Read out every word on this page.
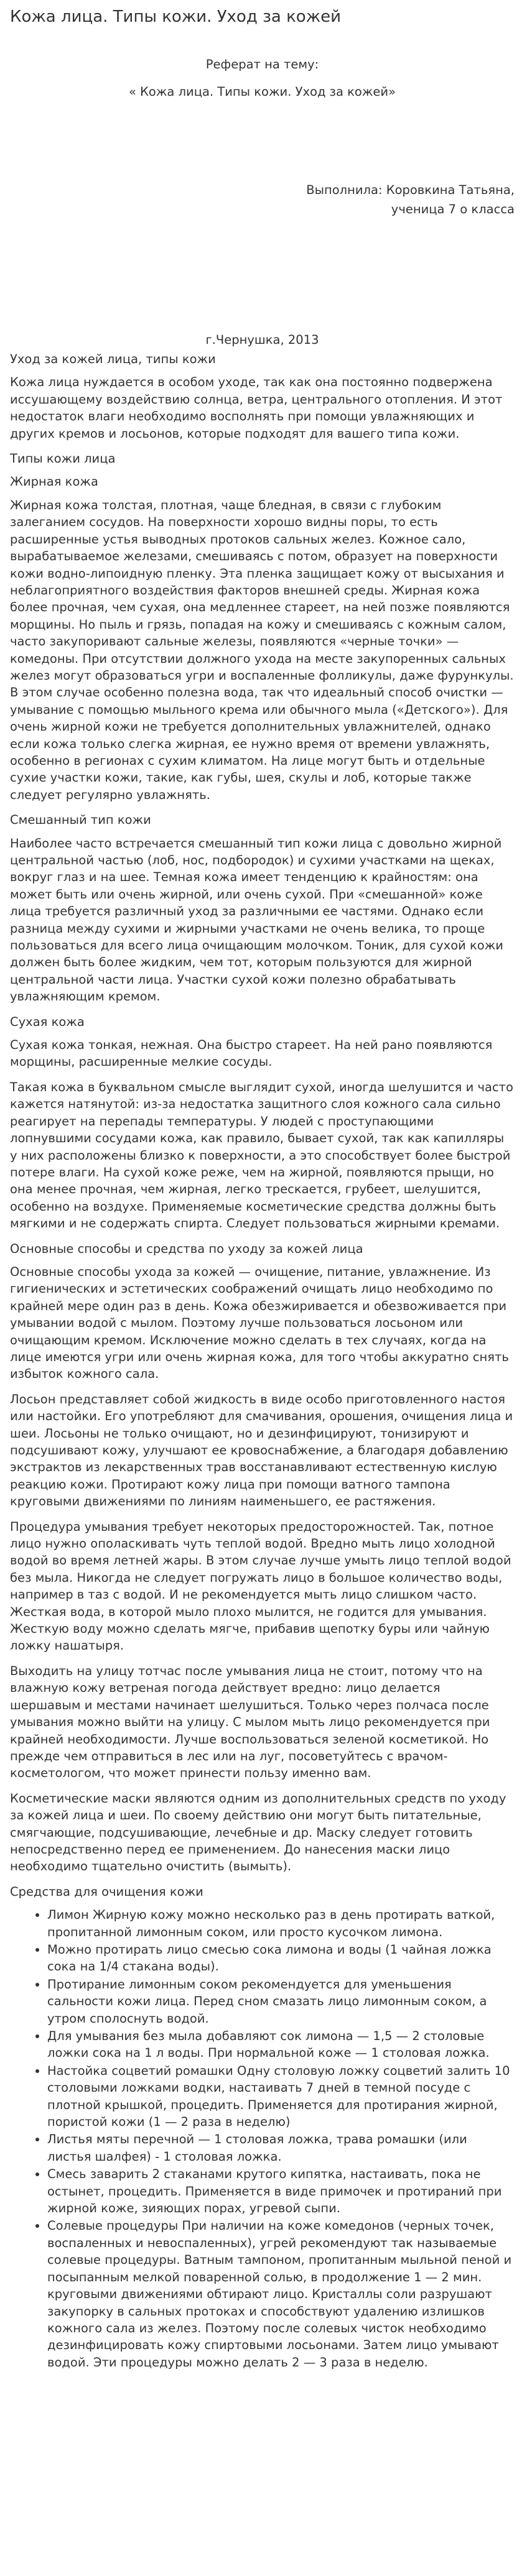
Кожа лица. Типы кожи. Уход за кожей

Реферат на тему:

« Кожа лица. Типы кожи. Уход за кожей»

Выполнила: Коровкина Татьяна,

ученица 7 о класса

г.Чернушка, 2013

Уход за кожей лица, типы кожи

Кожа лица нуждается в особом уходе, так как она постоянно подвержена иссушающему воздействию солнца, ветра, центрального отопления. И этот недостаток влаги необходимо восполнять при помощи увлажняющих и других кремов и лосьонов, которые подходят для вашего типа кожи.

Типы кожи лица

Жирная кожа

Жирная кожа толстая, плотная, чаще бледная, в связи с глубоким залеганием сосудов. На поверхности хорошо видны поры, то есть расширенные устья выводных протоков сальных желез. Кожное сало, вырабатываемое железами, смешиваясь с потом, образует на поверхности кожи водно-липоидную пленку. Эта пленка защищает кожу от высыхания и неблагоприятного воздействия факторов внешней среды. Жирная кожа более прочная, чем сухая, она медленнее стареет, на ней позже появляются морщины. Но пыль и грязь, попадая на кожу и смешиваясь с кожным салом, часто закупоривают сальные железы, появляются «черные точки» — комедоны. При отсутствии должного ухода на месте закупоренных сальных желез могут образоваться угри и воспаленные фолликулы, даже фурункулы. В этом случае особенно полезна вода, так что идеальный способ очистки — умывание с помощью мыльного крема или обычного мыла («Детского»). Для очень жирной кожи не требуется дополнительных увлажнителей, однако если кожа только слегка жирная, ее нужно время от времени увлажнять, особенно в регионах с сухим климатом. На лице могут быть и отдельные сухие участки кожи, такие, как губы, шея, скулы и лоб, которые также следует регулярно увлажнять.

Смешанный тип кожи

Наиболее часто встречается смешанный тип кожи лица с довольно жирной центральной частью (лоб, нос, подбородок) и сухими участками на щеках, вокруг глаз и на шее. Темная кожа имеет тенденцию к крайностям: она может быть или очень жирной, или очень сухой. При «смешанной» коже лица требуется различный уход за различными ее частями. Однако если разница между сухими и жирными участками не очень велика, то проще пользоваться для всего лица очищающим молочком. Тоник, для сухой кожи должен быть более жидким, чем тот, которым пользуются для жирной центральной части лица. Участки сухой кожи полезно обрабатывать увлажняющим кремом.

Сухая кожа

Сухая кожа тонкая, нежная. Она быстро стареет. На ней рано появляются морщины, расширенные мелкие сосуды.

Такая кожа в буквальном смысле выглядит сухой, иногда шелушится и часто кажется натянутой: из-за недостатка защитного слоя кожного сала сильно реагирует на перепады температуры. У людей с проступающими лопнувшими сосудами кожа, как правило, бывает сухой, так как капилляры у них расположены близко к поверхности, а это способствует более быстрой потере влаги. На сухой коже реже, чем на жирной, появляются прыщи, но она менее прочная, чем жирная, легко трескается, грубеет, шелушится, особенно на воздухе. Применяемые косметические средства должны быть мягкими и не содержать спирта. Следует пользоваться жирными кремами.

Основные способы и средства по уходу за кожей лица

Основные способы ухода за кожей — очищение, питание, увлажнение. Из гигиенических и эстетических соображений очищать лицо необходимо по крайней мере один раз в день. Кожа обезжиривается и обезвоживается при умывании водой с мылом. Поэтому лучше пользоваться лосьоном или очищающим кремом. Исключение можно сделать в тех случаях, когда на лице имеются угри или очень жирная кожа, для того чтобы аккуратно снять избыток кожного сала.

Лосьон представляет собой жидкость в виде особо приготовленного настоя или настойки. Его употребляют для смачивания, орошения, очищения лица и шеи. Лосьоны не только очищают, но и дезинфицируют, тонизируют и подсушивают кожу, улучшают ее кровоснабжение, а благодаря добавлению экстрактов из лекарственных трав восстанавливают естественную кислую реакцию кожи. Протирают кожу лица при помощи ватного тампона круговыми движениями по линиям наименьшего, ее растяжения.

Процедура умывания требует некоторых предосторожностей. Так, потное лицо нужно ополаскивать чуть теплой водой. Вредно мыть лицо холодной водой во время летней жары. В этом случае лучше умыть лицо теплой водой без мыла. Никогда не следует погружать лицо в большое количество воды, например в таз с водой. И не рекомендуется мыть лицо слишком часто. Жесткая вода, в которой мыло плохо мылится, не годится для умывания. Жесткую воду можно сделать мягче, прибавив щепотку буры или чайную ложку нашатыря.

Выходить на улицу тотчас после умывания лица не стоит, потому что на влажную кожу ветреная погода действует вредно: лицо делается шершавым и местами начинает шелушиться. Только через полчаса после умывания можно выйти на улицу. С мылом мыть лицо рекомендуется при крайней необходимости. Лучше воспользоваться зеленой косметикой. Но прежде чем отправиться в лес или на луг, посоветуйтесь с врачом-косметологом, что может принести пользу именно вам.

Косметические маски являются одним из дополнительных средств по уходу за кожей лица и шеи. По своему действию они могут быть питательные, смягчающие, подсушивающие, лечебные и др. Маску следует готовить непосредственно перед ее применением. До нанесения маски лицо необходимо тщательно очистить (вымыть).

Средства для очищения кожи

• Лимон Жирную кожу можно несколько раз в день протирать ваткой, пропитанной лимонным соком, или просто кусочком лимона.
• Можно протирать лицо смесью сока лимона и воды (1 чайная ложка сока на 1/4 стакана воды).
• Протирание лимонным соком рекомендуется для уменьшения сальности кожи лица. Перед сном смазать лицо лимонным соком, а утром сполоснуть водой.
• Для умывания без мыла добавляют сок лимона — 1,5 — 2 столовые ложки сока на 1 л воды. При нормальной коже — 1 столовая ложка.
• Настойка соцветий ромашки Одну столовую ложку соцветий залить 10 столовыми ложками водки, настаивать 7 дней в темной посуде с плотной крышкой, процедить. Применяется для протирания жирной, пористой кожи (1 — 2 раза в неделю)
• Листья мяты перечной — 1 столовая ложка, трава ромашки (или листья шалфея) - 1 столовая ложка.
• Смесь заварить 2 стаканами крутого кипятка, настаивать, пока не остынет, процедить. Применяется в виде примочек и протираний при жирной коже, зияющих порах, угревой сыпи.
• Солевые процедуры При наличии на коже комедонов (черных точек, воспаленных и невоспаленных), угрей рекомендуют так называемые солевые процедуры. Ватным тампоном, пропитанным мыльной пеной и посыпанным мелкой поваренной солью, в продолжение 1 — 2 мин. круговыми движениями обтирают лицо. Кристаллы соли разрушают закупорку в сальных протоках и способствуют удалению излишков кожного сала из желез. Поэтому после солевых чисток необходимо дезинфицировать кожу спиртовыми лосьонами. Затем лицо умывают водой. Эти процедуры можно делать 2 — 3 раза в неделю.
